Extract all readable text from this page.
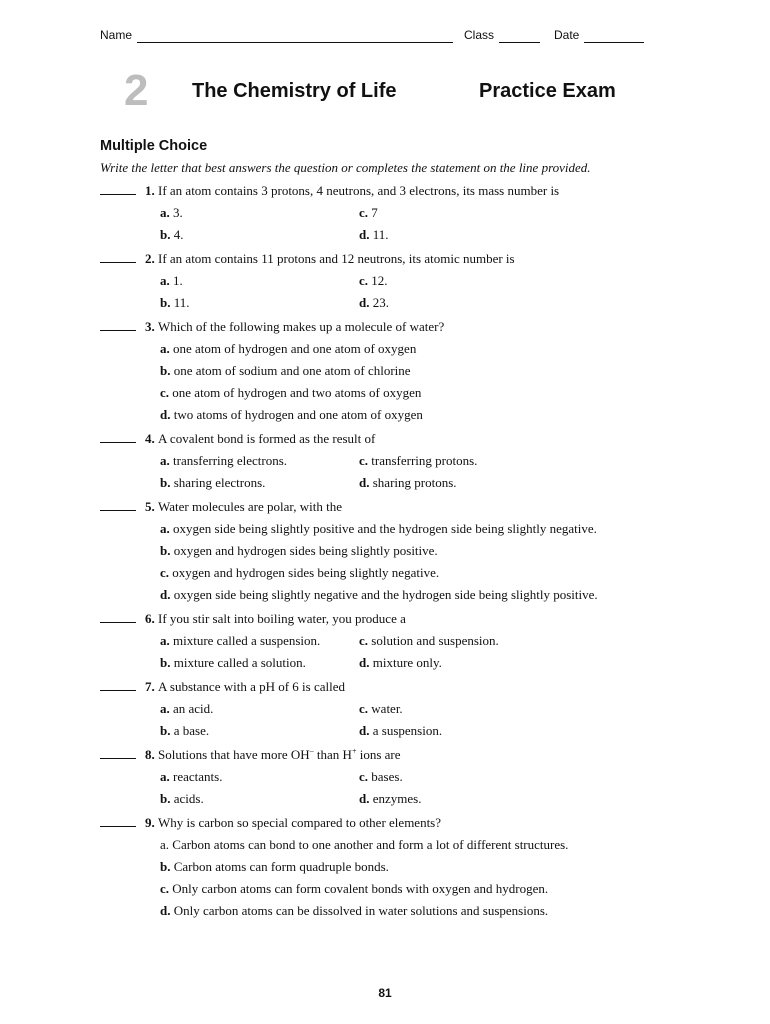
Name	Class	Date
2 The Chemistry of Life	Practice Exam
Multiple Choice
Write the letter that best answers the question or completes the statement on the line provided.
1. If an atom contains 3 protons, 4 neutrons, and 3 electrons, its mass number is
a. 3.	c. 7
b. 4.	d. 11.
2. If an atom contains 11 protons and 12 neutrons, its atomic number is
a. 1.	c. 12.
b. 11.	d. 23.
3. Which of the following makes up a molecule of water?
a. one atom of hydrogen and one atom of oxygen
b. one atom of sodium and one atom of chlorine
c. one atom of hydrogen and two atoms of oxygen
d. two atoms of hydrogen and one atom of oxygen
4. A covalent bond is formed as the result of
a. transferring electrons.	c. transferring protons.
b. sharing electrons.	d. sharing protons.
5. Water molecules are polar, with the
a. oxygen side being slightly positive and the hydrogen side being slightly negative.
b. oxygen and hydrogen sides being slightly positive.
c. oxygen and hydrogen sides being slightly negative.
d. oxygen side being slightly negative and the hydrogen side being slightly positive.
6. If you stir salt into boiling water, you produce a
a. mixture called a suspension.	c. solution and suspension.
b. mixture called a solution.	d. mixture only.
7. A substance with a pH of 6 is called
a. an acid.	c. water.
b. a base.	d. a suspension.
8. Solutions that have more OH– than H+ ions are
a. reactants.	c. bases.
b. acids.	d. enzymes.
9. Why is carbon so special compared to other elements?
a. Carbon atoms can bond to one another and form a lot of different structures.
b. Carbon atoms can form quadruple bonds.
c. Only carbon atoms can form covalent bonds with oxygen and hydrogen.
d. Only carbon atoms can be dissolved in water solutions and suspensions.
81
